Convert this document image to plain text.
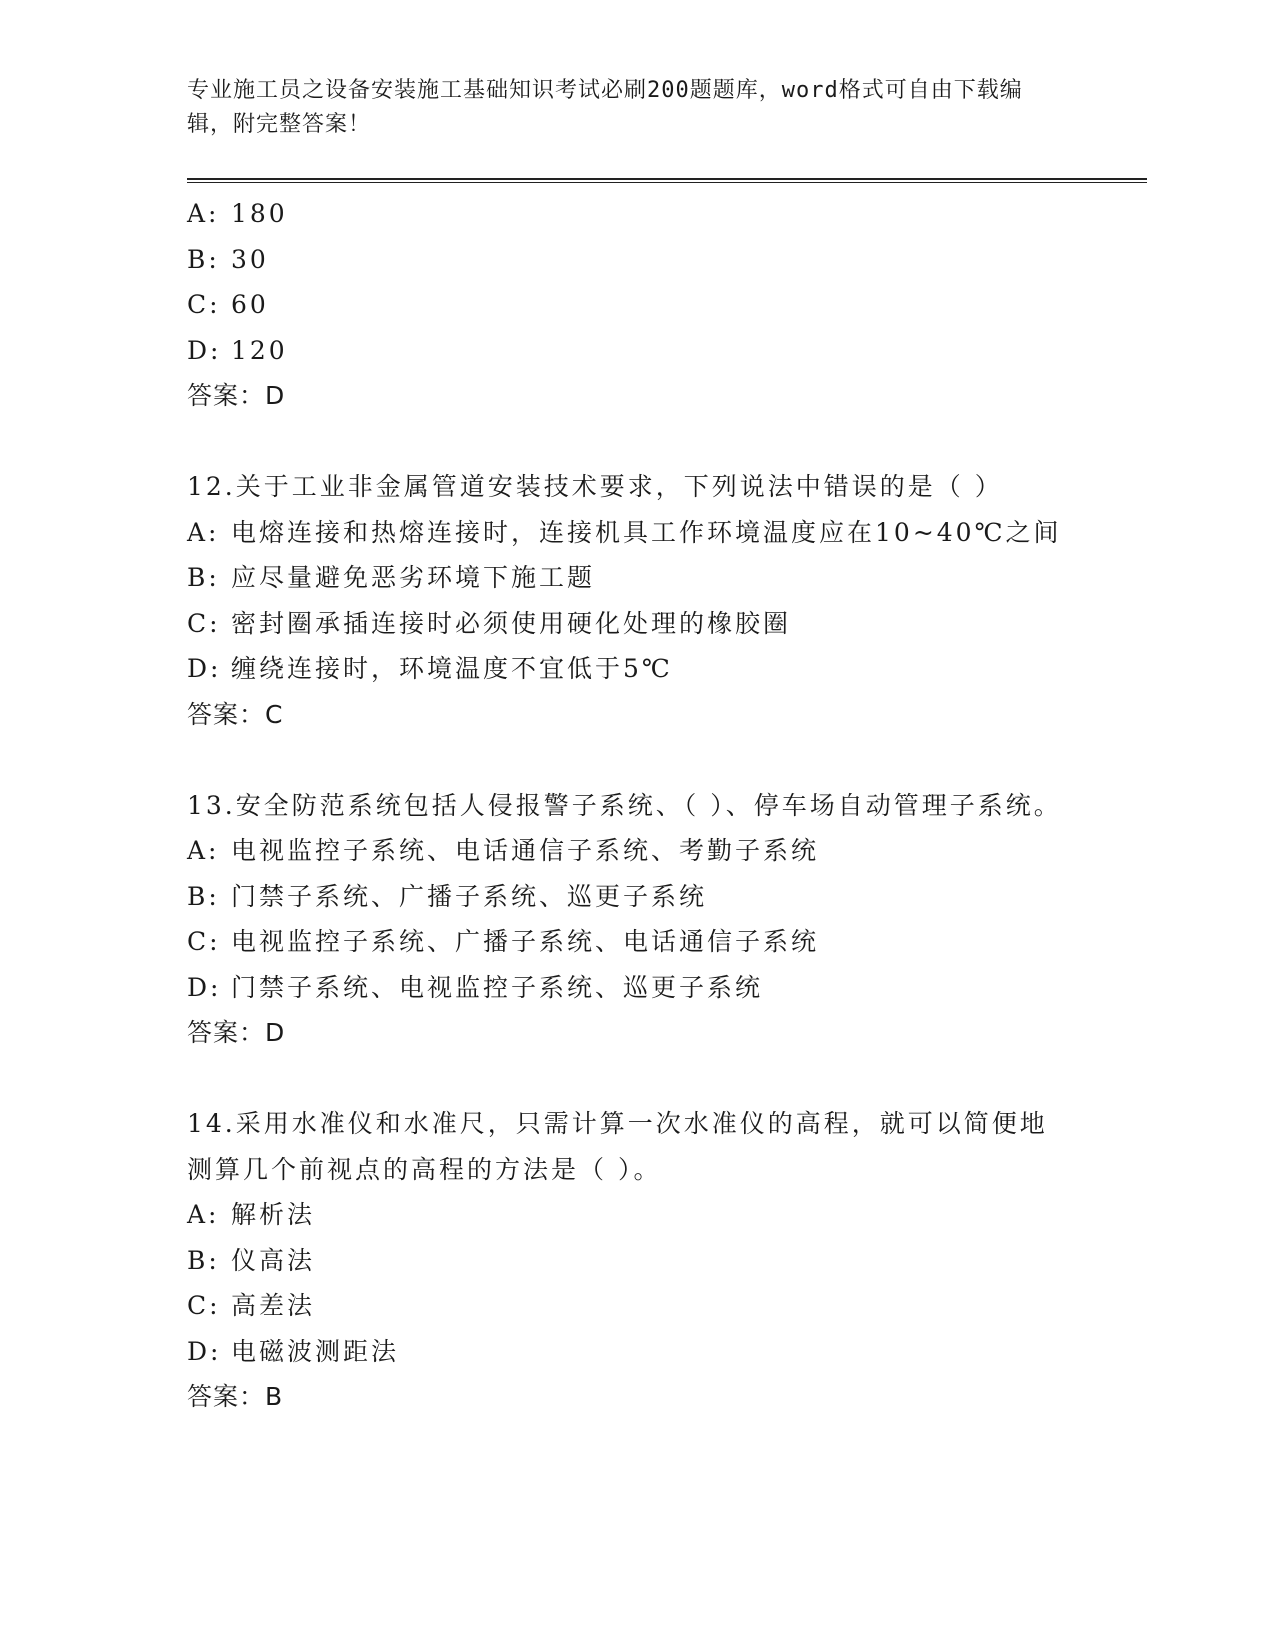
专业施工员之设备安装施工基础知识考试必刷200题题库，word格式可自由下载编辑，附完整答案！
A: 180
B: 30
C: 60
D: 120
答案：D
12.关于工业非金属管道安装技术要求，下列说法中错误的是（ ）
A: 电熔连接和热熔连接时，连接机具工作环境温度应在10~40℃之间
B: 应尽量避免恶劣环境下施工题
C: 密封圈承插连接时必须使用硬化处理的橡胶圈
D: 缠绕连接时，环境温度不宜低于5℃
答案：C
13.安全防范系统包括人侵报警子系统、（ ）、停车场自动管理子系统。
A: 电视监控子系统、电话通信子系统、考勤子系统
B: 门禁子系统、广播子系统、巡更子系统
C: 电视监控子系统、广播子系统、电话通信子系统
D: 门禁子系统、电视监控子系统、巡更子系统
答案：D
14.采用水准仪和水准尺，只需计算一次水准仪的高程，就可以简便地测算几个前视点的高程的方法是（ ）。
A: 解析法
B: 仪高法
C: 高差法
D: 电磁波测距法
答案：B
